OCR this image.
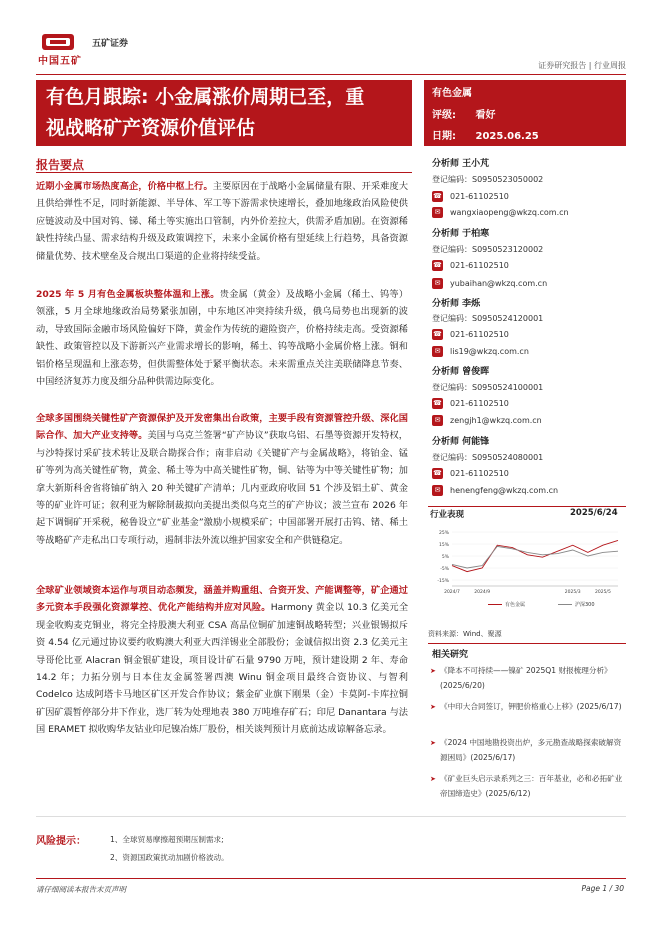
中国五矿
五矿证券
证券研究报告 | 行业周报
有色月跟踪: 小金属涨价周期已至，重
视战略矿产资源价值评估
有色金属
评级: 看好
日期: 2025.06.25
报告要点
近期小金属市场热度高企，价格中枢上行。主要原因在于战略小金属储量有限、开采难度大且供给弹性不足，同时新能源、半导体、军工等下游需求快速增长，叠加地缘政治风险使供应链波动及中国对钨、锑、稀土等实施出口管制，内外价差拉大，供需矛盾加剧。在资源稀缺性持续凸显、需求结构升级及政策调控下，未来小金属价格有望延续上行趋势，具备资源储量优势、技术壁垒及合规出口渠道的企业将持续受益。
2025 年 5 月有色金属板块整体温和上涨。贵金属（黄金）及战略小金属（稀土、钨等）领涨，5 月全球地缘政治局势紧张加剧，中东地区冲突持续升级，俄乌局势也出现新的波动，导致国际金融市场风险偏好下降，黄金作为传统的避险资产，价格持续走高。受资源稀缺性、政策管控以及下游新兴产业需求增长的影响，稀土、钨等战略小金属价格上涨。铜和铝价格呈现温和上涨态势，但供需整体处于紧平衡状态。未来需重点关注美联储降息节奏、中国经济复苏力度及细分品种供需边际变化。
全球多国围绕关键性矿产资源保护及开发密集出台政策，主要手段有资源管控升级、深化国际合作、加大产业支持等。美国与乌克兰签署“矿产协议”获取乌铝、石墨等资源开发特权，与沙特探讨采矿技术转让及联合勘探合作；南非启动《关键矿产与金属战略》，将铂金、锰矿等列为高关键性矿物，黄金、稀土等为中高关键性矿物，铜、钴等为中等关键性矿物；加拿大新斯科舍省将铀矿纳入 20 种关键矿产清单；几内亚政府收回 51 个涉及铝土矿、黄金等的矿业许可证；叙利亚为解除制裁拟向美提出类似乌克兰的矿产协议；波兰宣布 2026 年起下调铜矿开采税，秘鲁设立“矿业基金”激励小规模采矿；中国部署开展打击钨、锗、稀土等战略矿产走私出口专项行动，遏制非法外流以维护国家安全和产供链稳定。
全球矿业领域资本运作与项目动态频发，涵盖并购重组、合资开发、产能调整等，矿企通过多元资本手段强化资源掌控、优化产能结构并应对风险。Harmony 黄金以 10.3 亿美元全现金收购麦克铜业，将完全持股澳大利亚 CSA 高品位铜矿加速铜战略转型；兴业银锡拟斥资 4.54 亿元通过协议要约收购澳大利亚大西洋锡业全部股份；金诚信拟出资 2.3 亿美元主导哥伦比亚 Alacran 铜金银矿建设，项目设计矿石量 9790 万吨，预计建设期 2 年、寿命 14.2 年；力拓分别与日本住友金属签署西澳 Winu 铜金项目最终合资协议、与智利 Codelco 达成阿塔卡马地区矿区开发合作协议；紫金矿业旗下刚果（金）卡莫阿-卡库拉铜矿因矿震暂停部分井下作业，选厂转为处理地表 380 万吨堆存矿石；印尼 Danantara 与法国 ERAMET 拟收购华友钴业印尼镍冶炼厂股份，相关谈判预计月底前达成谅解备忘录。
分析师 王小芃
登记编码：S0950523050002
☎ 021-61102510
✉	wangxiaopeng@wkzq.com.cn
分析师 于柏寒
登记编码：S0950523120002
☎ 021-61102510
✉	yubaihan@wkzq.com.cn
分析师 李烁
登记编码：S0950524120001
☎ 021-61102510
✉	lis19@wkzq.com.cn
分析师 曾俊晖
登记编码：S0950524100001
☎ 021-61102510
✉	zengjh1@wkzq.com.cn
分析师 何能锋
登记编码：S0950524080001
☎ 021-61102510
✉	henengfeng@wkzq.com.cn
行业表现	2025/6/24
25%
15%
5%
-5%
-15%
2024/7	2024/9	2025/3	2025/5
有色金属	沪深300
资料来源：Wind、聚源
相关研究
➤ 《降本不可持续——镍矿 2025Q1 财报梳理分析》(2025/6/20)
➤ 《中印大合同签订，钾肥价格重心上移》(2025/6/17)
➤ 《2024 中国地勘投资出炉，多元勘查战略探索破解资源困局》(2025/6/17)
➤ 《矿业巨头启示录系列之三：百年基业，必和必拓矿业帝国缔造史》(2025/6/12)
风险提示：	1、全球贸易摩擦超预期压制需求;
2、资源国政策扰动加剧价格波动。
请仔细阅读本报告末页声明	Page 1 / 30
